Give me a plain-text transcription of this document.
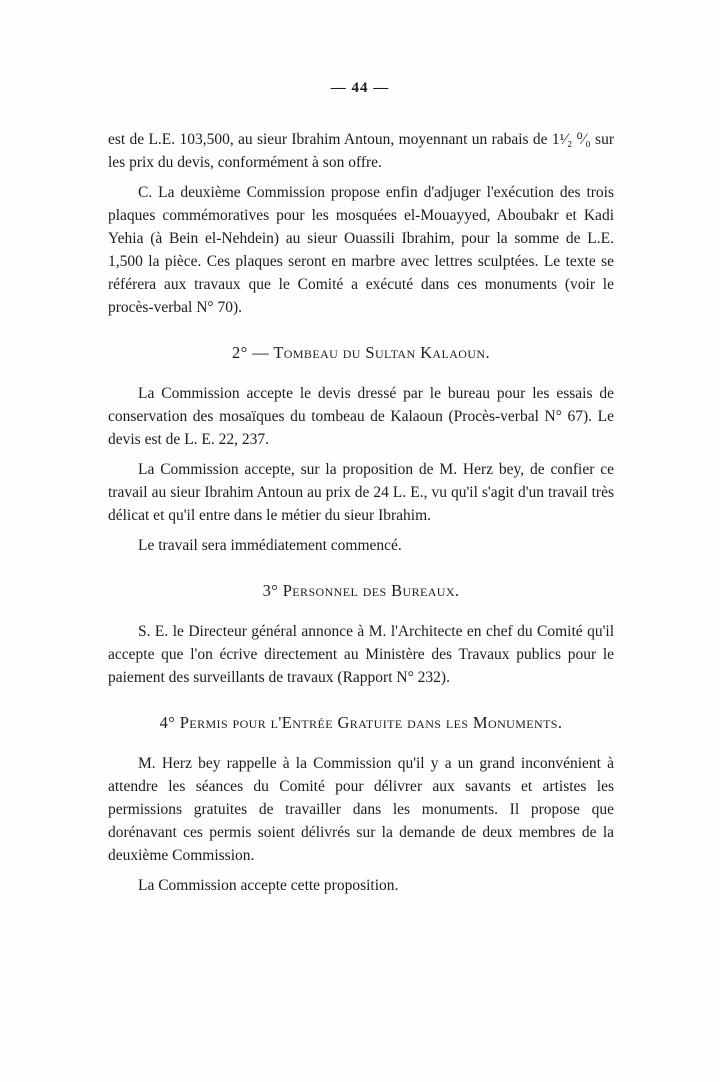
— 44 —

est de L.E. 103,500, au sieur Ibrahim Antoun, moyennant un rabais de 1¹⁄₂ ⁰⁄₀ sur les prix du devis, conformément à son offre.

C. La deuxième Commission propose enfin d'adjuger l'exécution des trois plaques commémoratives pour les mosquées el-Mouayyed, Aboubakr et Kadi Yehia (à Bein el-Nehdein) au sieur Ouassili Ibrahim, pour la somme de L.E. 1,500 la pièce. Ces plaques seront en marbre avec lettres sculptées. Le texte se référera aux travaux que le Comité a exécuté dans ces monuments (voir le procès-verbal N° 70).

2° — Tombeau du Sultan Kalaoun.

La Commission accepte le devis dressé par le bureau pour les essais de conservation des mosaïques du tombeau de Kalaoun (Procès-verbal N° 67). Le devis est de L. E. 22, 237.

La Commission accepte, sur la proposition de M. Herz bey, de confier ce travail au sieur Ibrahim Antoun au prix de 24 L. E., vu qu'il s'agit d'un travail très délicat et qu'il entre dans le métier du sieur Ibrahim.

Le travail sera immédiatement commencé.

3° Personnel des Bureaux.

S. E. le Directeur général annonce à M. l'Architecte en chef du Comité qu'il accepte que l'on écrive directement au Ministère des Travaux publics pour le paiement des surveillants de travaux (Rapport N° 232).

4° Permis pour l'Entrée Gratuite dans les Monuments.

M. Herz bey rappelle à la Commission qu'il y a un grand inconvénient à attendre les séances du Comité pour délivrer aux savants et artistes les permissions gratuites de travailler dans les monuments. Il propose que dorénavant ces permis soient délivrés sur la demande de deux membres de la deuxième Commission.

La Commission accepte cette proposition.
